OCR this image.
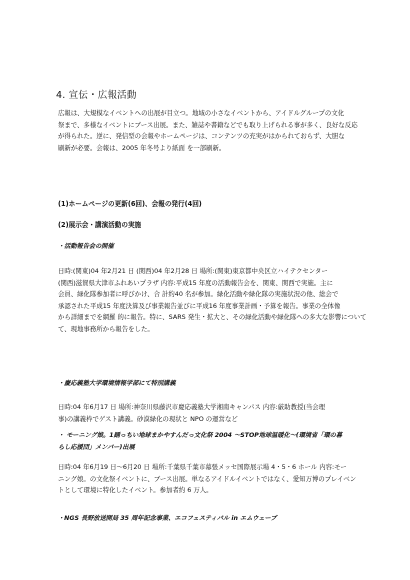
4. 宣伝・広報活動
広報は、大規模なイベントへの出展が目立つ。地域の小さなイベントから、アイドルグループの文化
祭まで、多様なイベントにブース出展。また、雑誌や書籍などでも取り上げられる事が多く、良好な反応
が得られた。逆に、発信型の会報やホームページは、コンテンツの充実がはかられておらず、大胆な
刷新が必要。会報は、2005 年冬号より紙面 を一部刷新。
(1)ホームページの更新(6回)、会報の発行(4回)
(2)展示会・講演活動の実施
・活動報告会の開催
日時:(関東)04 年2月21 日 (関西)04 年2月28 日 場所:(関東)東京都中央区立ハイテクセンター
(関西)滋賀県大津市ふれあいプラザ 内容:平成15 年度の活動報告会を、関東、関西で実施。主に
会員、緑化隊参加者に呼びかけ、合 計約40 名が参加。緑化活動や緑化隊の実施状況の他、総会で
承認された平成15 年度決算及び事業報告並びに平成16 年度事業計画・予算を報告。事業の全体像
から詳細までを網羅 的に報告。特に、SARS 発生・拡大と、その緑化活動や緑化隊への多大な影響について
て、現地事務所から報告をした。
・慶応義塾大学環境情報学部にて特別講義
日時:04 年6月17 日 場所:神奈川県藤沢市慶応義塾大学湘南キャンパス 内容:厳助教授(当会理
事)の講義枠でゲスト講義。砂漠緑化の現状と NPO の運営など
・ モーニング娘。1踊っちい地球まかやすんだっ文化祭 2004 〜STOP地球温暖化〜(環境省「環の暮
らし応援団」メンバー)出展
日時:04 年6月19 日〜6月20 日 場所:千葉県千葉市幕張メッセ国際展示場 4・5・6 ホール 内容:モー
ニング娘。の文化祭イベントに、ブース出展。単なるアイドルイベントではなく、愛知万博のプレイベン
トとして環境に特化したイベント。参加者約 6 万人。
・NGS 長野放送開局 35 周年記念事業、エコフェスティバル in エムウェーブ
